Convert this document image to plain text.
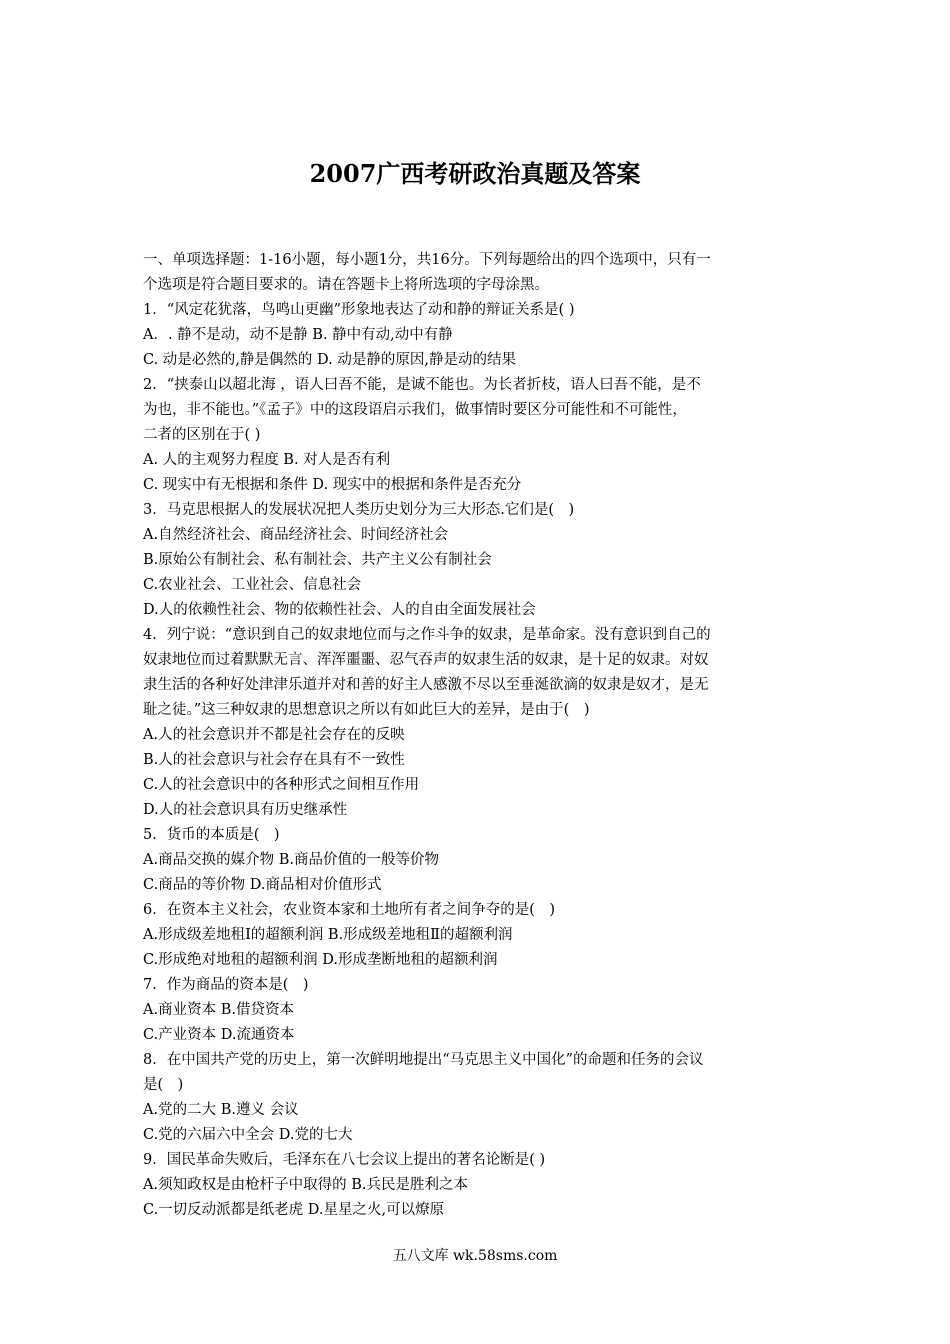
2007广西考研政治真题及答案
一、单项选择题：1-16小题，每小题1分，共16分。下列每题给出的四个选项中，只有一
个选项是符合题目要求的。请在答题卡上将所选项的字母涂黑。
1．“风定花犹落，鸟鸣山更幽”形象地表达了动和静的辩证关系是( )
A．. 静不是动，动不是静 B. 静中有动,动中有静
C. 动是必然的,静是偶然的 D. 动是静的原因,静是动的结果
2．“挟泰山以超北海 ，语人曰吾不能，是诚不能也。为长者折枝，语人曰吾不能，是不
为也，非不能也。”《孟子》中的这段语启示我们，做事情时要区分可能性和不可能性，
二者的区别在于( )
A. 人的主观努力程度 B. 对人是否有利
C. 现实中有无根据和条件 D. 现实中的根据和条件是否充分
3．马克思根据人的发展状况把人类历史划分为三大形态.它们是(　)
A.自然经济社会、商品经济社会、时间经济社会
B.原始公有制社会、私有制社会、共产主义公有制社会
C.农业社会、工业社会、信息社会
D.人的依赖性社会、物的依赖性社会、人的自由全面发展社会
4．列宁说：“意识到自己的奴隶地位而与之作斗争的奴隶，是革命家。没有意识到自己的
奴隶地位而过着默默无言、浑浑噩噩、忍气吞声的奴隶生活的奴隶，是十足的奴隶。对奴
隶生活的各种好处津津乐道并对和善的好主人感激不尽以至垂涎欲滴的奴隶是奴才，是无
耻之徒。”这三种奴隶的思想意识之所以有如此巨大的差异，是由于(　)
A.人的社会意识并不都是社会存在的反映
B.人的社会意识与社会存在具有不一致性
C.人的社会意识中的各种形式之间相互作用
D.人的社会意识具有历史继承性
5．货币的本质是(　)
A.商品交换的媒介物 B.商品价值的一般等价物
C.商品的等价物 D.商品相对价值形式
6．在资本主义社会，农业资本家和土地所有者之间争夺的是(　)
A.形成级差地租Ⅰ的超额利润 B.形成级差地租Ⅱ的超额利润
C.形成绝对地租的超额利润 D.形成垄断地租的超额利润
7．作为商品的资本是(　)
A.商业资本 B.借贷资本
C.产业资本 D.流通资本
8．在中国共产党的历史上，第一次鲜明地提出“马克思主义中国化”的命题和任务的会议
是(　)
A.党的二大 B.遵义 会议
C.党的六届六中全会 D.党的七大
9．国民革命失败后，毛泽东在八七会议上提出的著名论断是( )
A.须知政权是由枪杆子中取得的 B.兵民是胜利之本
C.一切反动派都是纸老虎 D.星星之火,可以燎原
五八文库 wk.58sms.com
